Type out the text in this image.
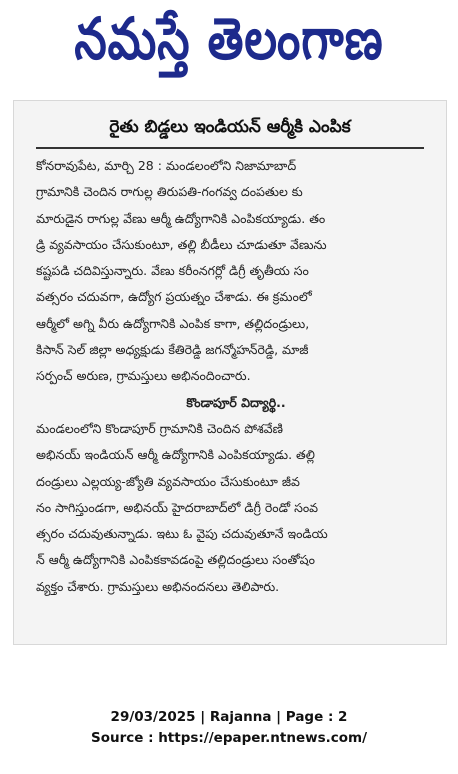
నమస్తే తెలంగాణ
రైతు బిడ్డలు ఇండియన్ ఆర్మీకి ఎంపిక
కోనరావుపేట, మార్చి 28 : మండలంలోని నిజామాబాద్
గ్రామానికి చెందిన రాగుల్ల తిరుపతి-గంగవ్వ దంపతుల కు
మారుడైన రాగుల్ల వేణు ఆర్మీ ఉద్యోగానికి ఎంపికయ్యాడు. తం
డ్రి వ్యవసాయం చేసుకుంటూ, తల్లి బీడీలు చూడుతూ వేణును
కష్టపడి చదివిస్తున్నారు. వేణు కరీంనగర్లో డిగ్రీ తృతీయ సం
వత్సరం చదువగా, ఉద్యోగ ప్రయత్నం చేశాడు. ఈ క్రమంలో
ఆర్మీలో అగ్ని వీరు ఉద్యోగానికి ఎంపిక కాగా, తల్లిదండ్రులు,
కిసాన్ సెల్ జిల్లా అధ్యక్షుడు కేతిరెడ్డి జగన్మోహన్‌రెడ్డి, మాజీ
సర్పంచ్ అరుణ, గ్రామస్తులు అభినందించారు.
కొండాపూర్ విద్యార్థి..
మండలంలోని కొండాపూర్ గ్రామానికి చెందిన పోశవేణి
అభినయ్ ఇండియన్ ఆర్మీ ఉద్యోగానికి ఎంపికయ్యాడు. తల్లి
దండ్రులు ఎల్లయ్య-జ్యోతి వ్యవసాయం చేసుకుంటూ జీవ
నం సాగిస్తుండగా, అభినయ్ హైదరాబాద్‌లో డిగ్రీ రెండో సంవ
త్సరం చదువుతున్నాడు. ఇటు ఓ వైపు చదువుతూనే ఇండియ
న్ ఆర్మీ ఉద్యోగానికి ఎంపికకావడంపై తల్లిదండ్రులు సంతోషం
వ్యక్తం చేశారు. గ్రామస్తులు అభినందనలు తెలిపారు.
29/03/2025 | Rajanna | Page : 2
Source : https://epaper.ntnews.com/
